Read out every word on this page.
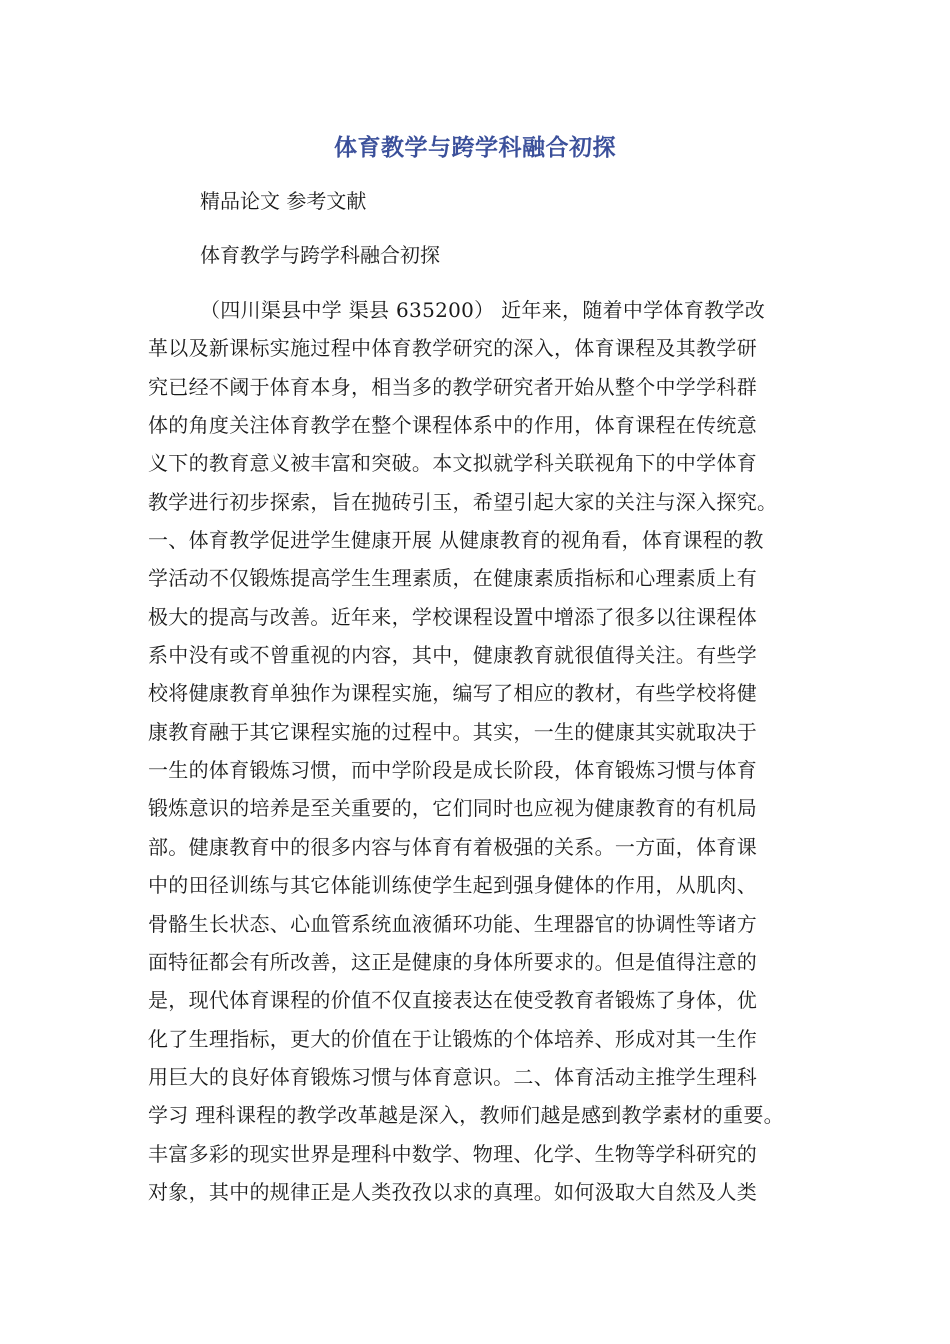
体育教学与跨学科融合初探
精品论文 参考文献
体育教学与跨学科融合初探
（四川渠县中学 渠县 635200） 近年来，随着中学体育教学改
革以及新课标实施过程中体育教学研究的深入，体育课程及其教学研
究已经不阈于体育本身，相当多的教学研究者开始从整个中学学科群
体的角度关注体育教学在整个课程体系中的作用，体育课程在传统意
义下的教育意义被丰富和突破。本文拟就学科关联视角下的中学体育
教学进行初步探索，旨在抛砖引玉，希望引起大家的关注与深入探究。
一、体育教学促进学生健康开展 从健康教育的视角看，体育课程的教
学活动不仅锻炼提高学生生理素质，在健康素质指标和心理素质上有
极大的提高与改善。近年来，学校课程设置中增添了很多以往课程体
系中没有或不曾重视的内容，其中，健康教育就很值得关注。有些学
校将健康教育单独作为课程实施，编写了相应的教材，有些学校将健
康教育融于其它课程实施的过程中。其实，一生的健康其实就取决于
一生的体育锻炼习惯，而中学阶段是成长阶段，体育锻炼习惯与体育
锻炼意识的培养是至关重要的，它们同时也应视为健康教育的有机局
部。健康教育中的很多内容与体育有着极强的关系。一方面，体育课
中的田径训练与其它体能训练使学生起到强身健体的作用，从肌肉、
骨骼生长状态、心血管系统血液循环功能、生理器官的协调性等诸方
面特征都会有所改善，这正是健康的身体所要求的。但是值得注意的
是，现代体育课程的价值不仅直接表达在使受教育者锻炼了身体，优
化了生理指标，更大的价值在于让锻炼的个体培养、形成对其一生作
用巨大的良好体育锻炼习惯与体育意识。二、体育活动主推学生理科
学习 理科课程的教学改革越是深入，教师们越是感到教学素材的重要。
丰富多彩的现实世界是理科中数学、物理、化学、生物等学科研究的
对象，其中的规律正是人类孜孜以求的真理。如何汲取大自然及人类
